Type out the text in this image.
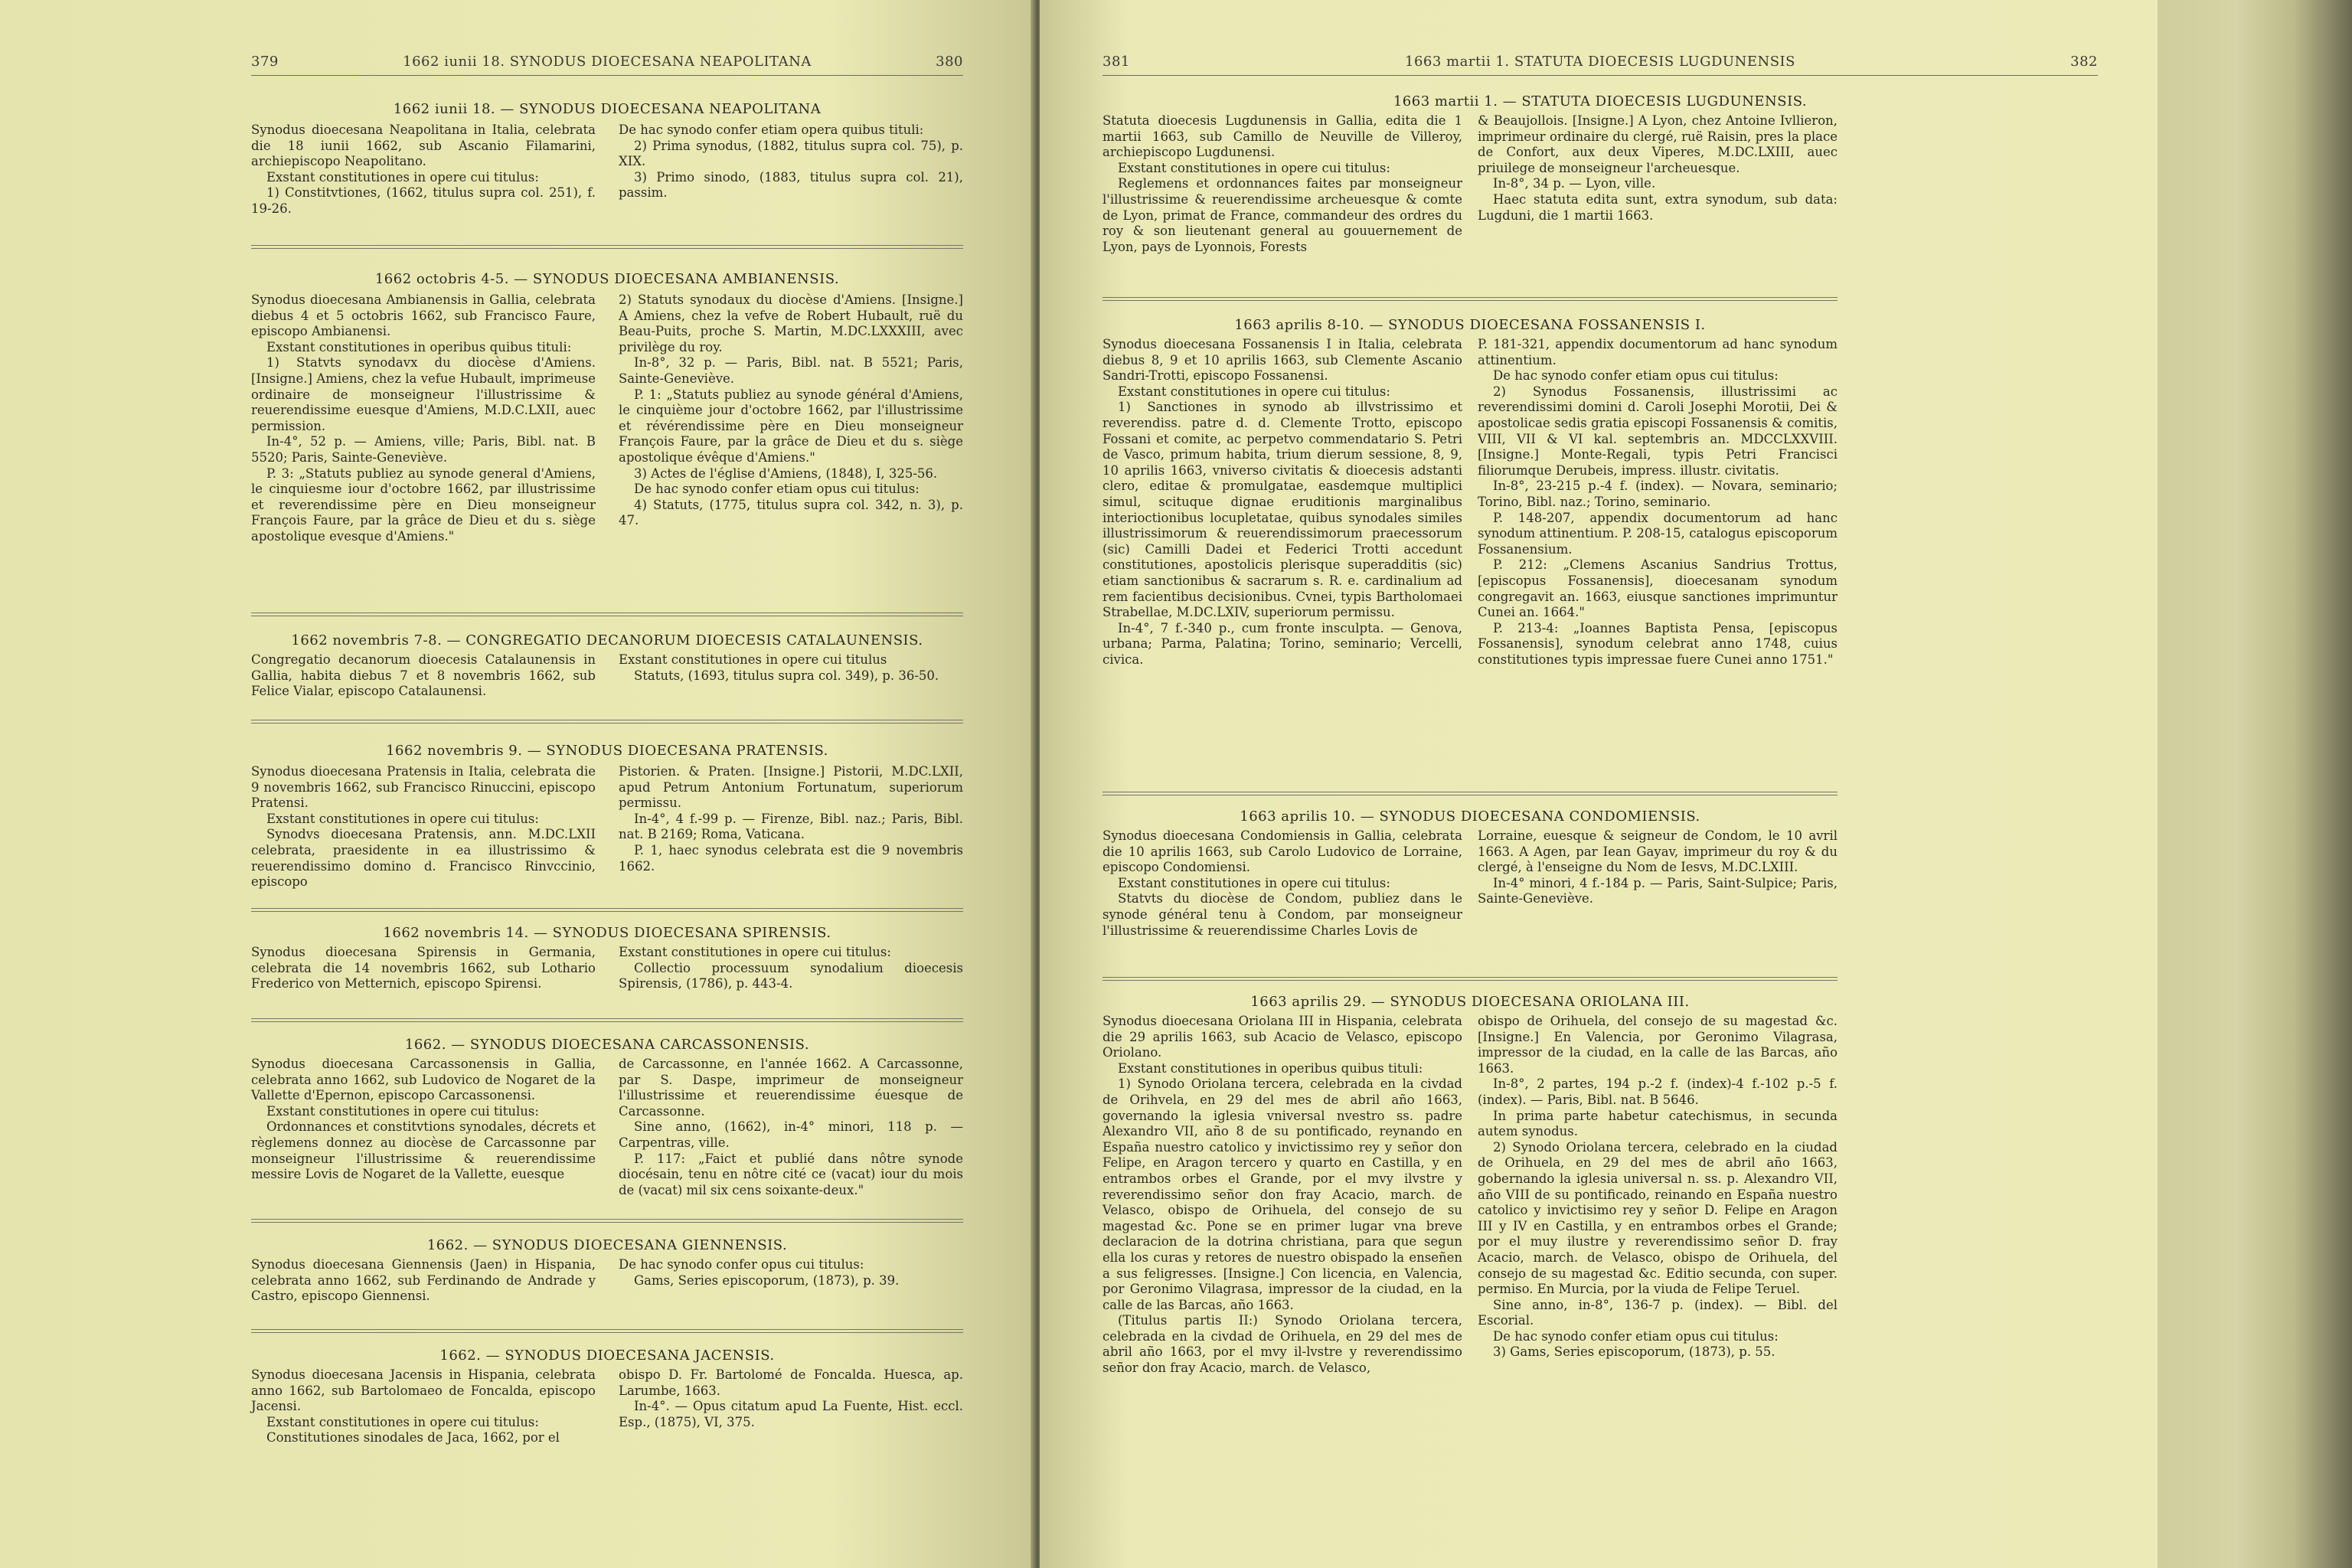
379	1662 iunii 18. SYNODUS DIOECESANA NEAPOLITANA	380	381	1663 martii 1. STATUTA DIOECESIS LUGDUNENSIS	382
1662 iunii 18. — SYNODUS DIOECESANA NEAPOLITANA

Synodus dioecesana Neapolitana in Italia, celebrata die 18 iunii 1662, sub Ascanio Filamarini, archiepiscopo Neapolitano.

Exstant constitutiones in opere cui titulus:

1) Constitvtiones, (1662, titulus supra col. 251), f. 19-26.

De hac synodo confer etiam opera quibus tituli:

2) Prima synodus, (1882, titulus supra col. 75), p. XIX.

3) Primo sinodo, (1883, titulus supra col. 21), passim.

1662 octobris 4-5. — SYNODUS DIOECESANA AMBIANENSIS.

Synodus dioecesana Ambianensis in Gallia, celebrata diebus 4 et 5 octobris 1662, sub Francisco Faure, episcopo Ambianensi.

Exstant constitutiones in operibus quibus tituli:

1) Statvts synodavx du diocèse d'Amiens. [Insigne.] Amiens, chez la vefue Hubault, imprimeuse ordinaire de monseigneur l'illustrissime & reuerendissime euesque d'Amiens, M.D.C.LXII, auec permission.

In-4°, 52 p. — Amiens, ville; Paris, Bibl. nat. B 5520; Paris, Sainte-Geneviève.

P. 3: „Statuts publiez au synode general d'Amiens, le cinquiesme iour d'octobre 1662, par illustrissime et reverendissime père en Dieu monseigneur François Faure, par la grâce de Dieu et du s. siège apostolique evesque d'Amiens."

2) Statuts synodaux du diocèse d'Amiens. [Insigne.] A Amiens, chez la vefve de Robert Hubault, ruë du Beau-Puits, proche S. Martin, M.DC.LXXXIII, avec privilège du roy.

In-8°, 32 p. — Paris, Bibl. nat. B 5521; Paris, Sainte-Geneviève.

P. 1: „Statuts publiez au synode général d'Amiens, le cinquième jour d'octobre 1662, par l'illustrissime et révérendissime père en Dieu monseigneur François Faure, par la grâce de Dieu et du s. siège apostolique évêque d'Amiens."

3) Actes de l'église d'Amiens, (1848), I, 325-56.

De hac synodo confer etiam opus cui titulus:

4) Statuts, (1775, titulus supra col. 342, n. 3), p. 47.

1662 novembris 7-8. — CONGREGATIO DECANORUM DIOECESIS CATALAUNENSIS.

Congregatio decanorum dioecesis Catalaunensis in Gallia, habita diebus 7 et 8 novembris 1662, sub Felice Vialar, episcopo Catalaunensi.

Exstant constitutiones in opere cui titulus

Statuts, (1693, titulus supra col. 349), p. 36-50.

1662 novembris 9. — SYNODUS DIOECESANA PRATENSIS.

Synodus dioecesana Pratensis in Italia, celebrata die 9 novembris 1662, sub Francisco Rinuccini, episcopo Pratensi.

Exstant constitutiones in opere cui titulus:

Synodvs dioecesana Pratensis, ann. M.DC.LXII celebrata, praesidente in ea illustrissimo & reuerendissimo domino d. Francisco Rinvccinio, episcopo

Pistorien. & Praten. [Insigne.] Pistorii, M.DC.LXII, apud Petrum Antonium Fortunatum, superiorum permissu.

In-4°, 4 f.-99 p. — Firenze, Bibl. naz.; Paris, Bibl. nat. B 2169; Roma, Vaticana.

P. 1, haec synodus celebrata est die 9 novembris 1662.

1662 novembris 14. — SYNODUS DIOECESANA SPIRENSIS.

Synodus dioecesana Spirensis in Germania, celebrata die 14 novembris 1662, sub Lothario Frederico von Metternich, episcopo Spirensi.

Exstant constitutiones in opere cui titulus:

Collectio processuum synodalium dioecesis Spirensis, (1786), p. 443-4.

1662. — SYNODUS DIOECESANA CARCASSONENSIS.

Synodus dioecesana Carcassonensis in Gallia, celebrata anno 1662, sub Ludovico de Nogaret de la Vallette d'Epernon, episcopo Carcassonensi.

Exstant constitutiones in opere cui titulus:

Ordonnances et constitvtions synodales, décrets et règlemens donnez au diocèse de Carcassonne par monseigneur l'illustrissime & reuerendissime messire Lovis de Nogaret de la Vallette, euesque

de Carcassonne, en l'année 1662. A Carcassonne, par S. Daspe, imprimeur de monseigneur l'illustrissime et reuerendissime éuesque de Carcassonne.

Sine anno, (1662), in-4° minori, 118 p. — Carpentras, ville.

P. 117: „Faict et publié dans nôtre synode diocésain, tenu en nôtre cité ce (vacat) iour du mois de (vacat) mil six cens soixante-deux."

1662. — SYNODUS DIOECESANA GIENNENSIS.

Synodus dioecesana Giennensis (Jaen) in Hispania, celebrata anno 1662, sub Ferdinando de Andrade y Castro, episcopo Giennensi.

De hac synodo confer opus cui titulus:

Gams, Series episcoporum, (1873), p. 39.

1662. — SYNODUS DIOECESANA JACENSIS.

Synodus dioecesana Jacensis in Hispania, celebrata anno 1662, sub Bartolomaeo de Foncalda, episcopo Jacensi.

Exstant constitutiones in opere cui titulus:

Constitutiones sinodales de Jaca, 1662, por el

obispo D. Fr. Bartolomé de Foncalda. Huesca, ap. Larumbe, 1663.

In-4°. — Opus citatum apud La Fuente, Hist. eccl. Esp., (1875), VI, 375.

1663 martii 1. — STATUTA DIOECESIS LUGDUNENSIS.

Statuta dioecesis Lugdunensis in Gallia, edita die 1 martii 1663, sub Camillo de Neuville de Villeroy, archiepiscopo Lugdunensi.

Exstant constitutiones in opere cui titulus:

Reglemens et ordonnances faites par monseigneur l'illustrissime & reuerendissime archeuesque & comte de Lyon, primat de France, commandeur des ordres du roy & son lieutenant general au gouuernement de Lyon, pays de Lyonnois, Forests

& Beaujollois. [Insigne.] A Lyon, chez Antoine Ivllieron, imprimeur ordinaire du clergé, ruë Raisin, pres la place de Confort, aux deux Viperes, M.DC.LXIII, auec priuilege de monseigneur l'archeuesque.

In-8°, 34 p. — Lyon, ville.

Haec statuta edita sunt, extra synodum, sub data: Lugduni, die 1 martii 1663.

1663 aprilis 8-10. — SYNODUS DIOECESANA FOSSANENSIS I.

Synodus dioecesana Fossanensis I in Italia, celebrata diebus 8, 9 et 10 aprilis 1663, sub Clemente Ascanio Sandri-Trotti, episcopo Fossanensi.

Exstant constitutiones in opere cui titulus:

1) Sanctiones in synodo ab illvstrissimo et reverendiss. patre d. d. Clemente Trotto, episcopo Fossani et comite, ac perpetvo commendatario S. Petri de Vasco, primum habita, trium dierum sessione, 8, 9, 10 aprilis 1663, vniverso civitatis & dioecesis adstanti clero, editae & promulgatae, easdemque multiplici simul, scituque dignae eruditionis marginalibus interioctionibus locupletatae, quibus synodales similes illustrissimorum & reuerendissimorum praecessorum (sic) Camilli Dadei et Federici Trotti accedunt constitutiones, apostolicis plerisque superadditis (sic) etiam sanctionibus & sacrarum s. R. e. cardinalium ad rem facientibus decisionibus. Cvnei, typis Bartholomaei Strabellae, M.DC.LXIV, superiorum permissu.

In-4°, 7 f.-340 p., cum fronte insculpta. — Genova, urbana; Parma, Palatina; Torino, seminario; Vercelli, civica.

P. 181-321, appendix documentorum ad hanc synodum attinentium.

De hac synodo confer etiam opus cui titulus:

2) Synodus Fossanensis, illustrissimi ac reverendissimi domini d. Caroli Josephi Morotii, Dei & apostolicae sedis gratia episcopi Fossanensis & comitis, VIII, VII & VI kal. septembris an. MDCCLXXVIII. [Insigne.] Monte-Regali, typis Petri Francisci filiorumque Derubeis, impress. illustr. civitatis.

In-8°, 23-215 p.-4 f. (index). — Novara, seminario; Torino, Bibl. naz.; Torino, seminario.

P. 148-207, appendix documentorum ad hanc synodum attinentium. P. 208-15, catalogus episcoporum Fossanensium.

P. 212: „Clemens Ascanius Sandrius Trottus, [episcopus Fossanensis], dioecesanam synodum congregavit an. 1663, eiusque sanctiones imprimuntur Cunei an. 1664."

P. 213-4: „Ioannes Baptista Pensa, [episcopus Fossanensis], synodum celebrat anno 1748, cuius constitutiones typis impressae fuere Cunei anno 1751."

1663 aprilis 10. — SYNODUS DIOECESANA CONDOMIENSIS.

Synodus dioecesana Condomiensis in Gallia, celebrata die 10 aprilis 1663, sub Carolo Ludovico de Lorraine, episcopo Condomiensi.

Exstant constitutiones in opere cui titulus:

Statvts du diocèse de Condom, publiez dans le synode général tenu à Condom, par monseigneur l'illustrissime & reuerendissime Charles Lovis de

Lorraine, euesque & seigneur de Condom, le 10 avril 1663. A Agen, par Iean Gayav, imprimeur du roy & du clergé, à l'enseigne du Nom de Iesvs, M.DC.LXIII.

In-4° minori, 4 f.-184 p. — Paris, Saint-Sulpice; Paris, Sainte-Geneviève.

1663 aprilis 29. — SYNODUS DIOECESANA ORIOLANA III.

Synodus dioecesana Oriolana III in Hispania, celebrata die 29 aprilis 1663, sub Acacio de Velasco, episcopo Oriolano.

Exstant constitutiones in operibus quibus tituli:

1) Synodo Oriolana tercera, celebrada en la civdad de Orihvela, en 29 del mes de abril año 1663, governando la iglesia vniversal nvestro ss. padre Alexandro VII, año 8 de su pontificado, reynando en España nuestro catolico y invictissimo rey y señor don Felipe, en Aragon tercero y quarto en Castilla, y en entrambos orbes el Grande, por el mvy ilvstre y reverendissimo señor don fray Acacio, march. de Velasco, obispo de Orihuela, del consejo de su magestad &c. Pone se en primer lugar vna breve declaracion de la dotrina christiana, para que segun ella los curas y retores de nuestro obispado la enseñen a sus feligresses. [Insigne.] Con licencia, en Valencia, por Geronimo Vilagrasa, impressor de la ciudad, en la calle de las Barcas, año 1663.

(Titulus partis II:) Synodo Oriolana tercera, celebrada en la civdad de Orihuela, en 29 del mes de abril año 1663, por el mvy il-lvstre y reverendissimo señor don fray Acacio, march. de Velasco,

obispo de Orihuela, del consejo de su magestad &c. [Insigne.] En Valencia, por Geronimo Vilagrasa, impressor de la ciudad, en la calle de las Barcas, año 1663.

In-8°, 2 partes, 194 p.-2 f. (index)-4 f.-102 p.-5 f. (index). — Paris, Bibl. nat. B 5646.

In prima parte habetur catechismus, in secunda autem synodus.

2) Synodo Oriolana tercera, celebrado en la ciudad de Orihuela, en 29 del mes de abril año 1663, gobernando la iglesia universal n. ss. p. Alexandro VII, año VIII de su pontificado, reinando en España nuestro catolico y invictisimo rey y señor D. Felipe en Aragon III y IV en Castilla, y en entrambos orbes el Grande; por el muy ilustre y reverendissimo señor D. fray Acacio, march. de Velasco, obispo de Orihuela, del consejo de su magestad &c. Editio secunda, con super. permiso. En Murcia, por la viuda de Felipe Teruel.

Sine anno, in-8°, 136-7 p. (index). — Bibl. del Escorial.

De hac synodo confer etiam opus cui titulus:

3) Gams, Series episcoporum, (1873), p. 55.
